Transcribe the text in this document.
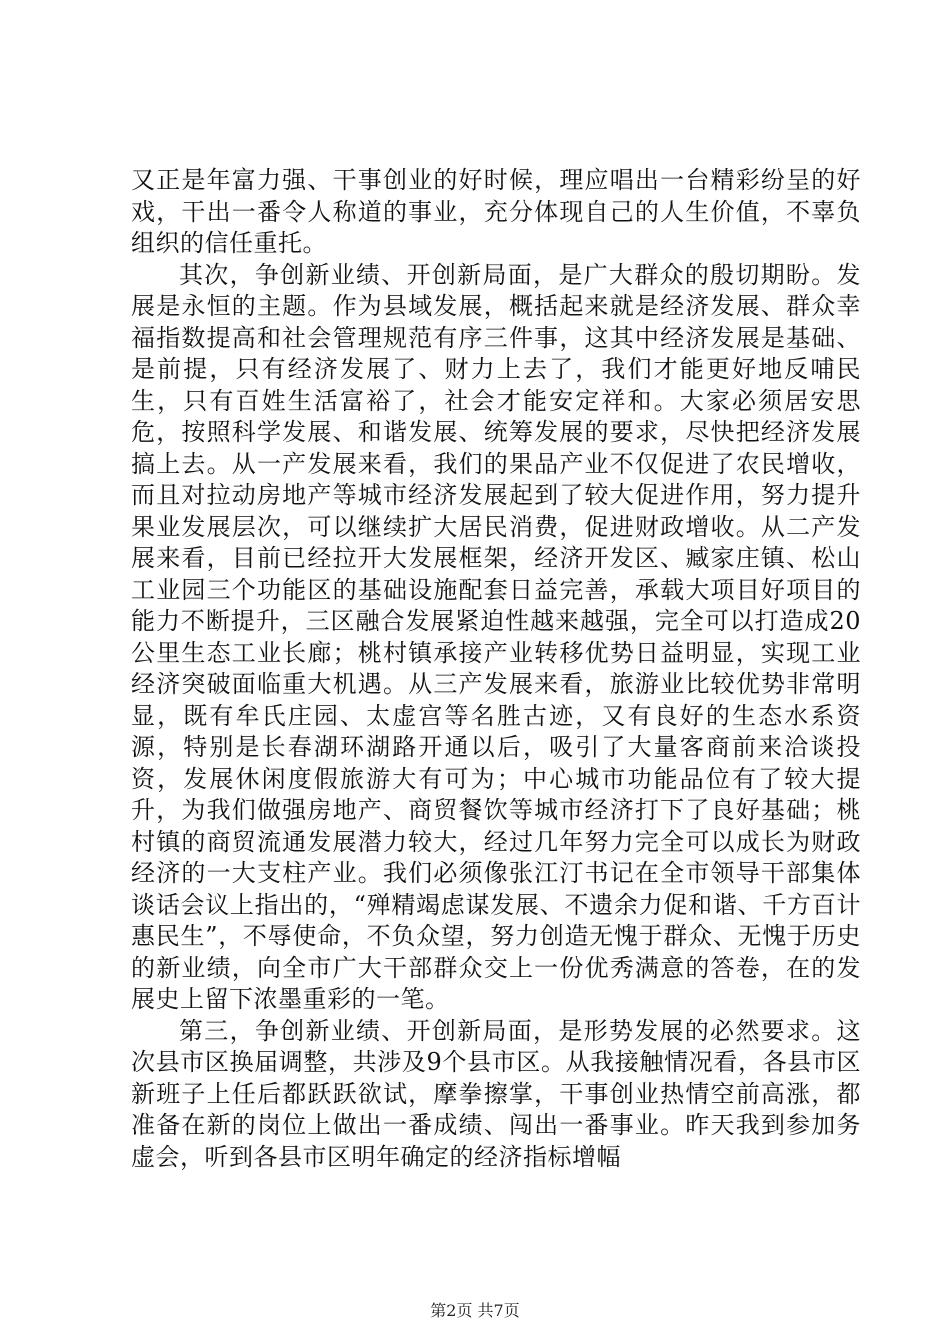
又正是年富力强、干事创业的好时候，理应唱出一台精彩纷呈的好戏，干出一番令人称道的事业，充分体现自己的人生价值，不辜负组织的信任重托。

其次，争创新业绩、开创新局面，是广大群众的殷切期盼。发展是永恒的主题。作为县域发展，概括起来就是经济发展、群众幸福指数提高和社会管理规范有序三件事，这其中经济发展是基础、是前提，只有经济发展了、财力上去了，我们才能更好地反哺民生，只有百姓生活富裕了，社会才能安定祥和。大家必须居安思危，按照科学发展、和谐发展、统筹发展的要求，尽快把经济发展搞上去。从一产发展来看，我们的果品产业不仅促进了农民增收，而且对拉动房地产等城市经济发展起到了较大促进作用，努力提升果业发展层次，可以继续扩大居民消费，促进财政增收。从二产发展来看，目前已经拉开大发展框架，经济开发区、臧家庄镇、松山工业园三个功能区的基础设施配套日益完善，承载大项目好项目的能力不断提升，三区融合发展紧迫性越来越强，完全可以打造成20公里生态工业长廊；桃村镇承接产业转移优势日益明显，实现工业经济突破面临重大机遇。从三产发展来看，旅游业比较优势非常明显，既有牟氏庄园、太虚宫等名胜古迹，又有良好的生态水系资源，特别是长春湖环湖路开通以后，吸引了大量客商前来洽谈投资，发展休闲度假旅游大有可为；中心城市功能品位有了较大提升，为我们做强房地产、商贸餐饮等城市经济打下了良好基础；桃村镇的商贸流通发展潜力较大，经过几年努力完全可以成长为财政经济的一大支柱产业。我们必须像张江汀书记在全市领导干部集体谈话会议上指出的，“殚精竭虑谋发展、不遗余力促和谐、千方百计惠民生”，不辱使命，不负众望，努力创造无愧于群众、无愧于历史的新业绩，向全市广大干部群众交上一份优秀满意的答卷，在的发展史上留下浓墨重彩的一笔。

第三，争创新业绩、开创新局面，是形势发展的必然要求。这次县市区换届调整，共涉及9个县市区。从我接触情况看，各县市区新班子上任后都跃跃欲试，摩拳擦掌，干事创业热情空前高涨，都准备在新的岗位上做出一番成绩、闯出一番事业。昨天我到参加务虚会，听到各县市区明年确定的经济指标增幅

第2页 共7页
